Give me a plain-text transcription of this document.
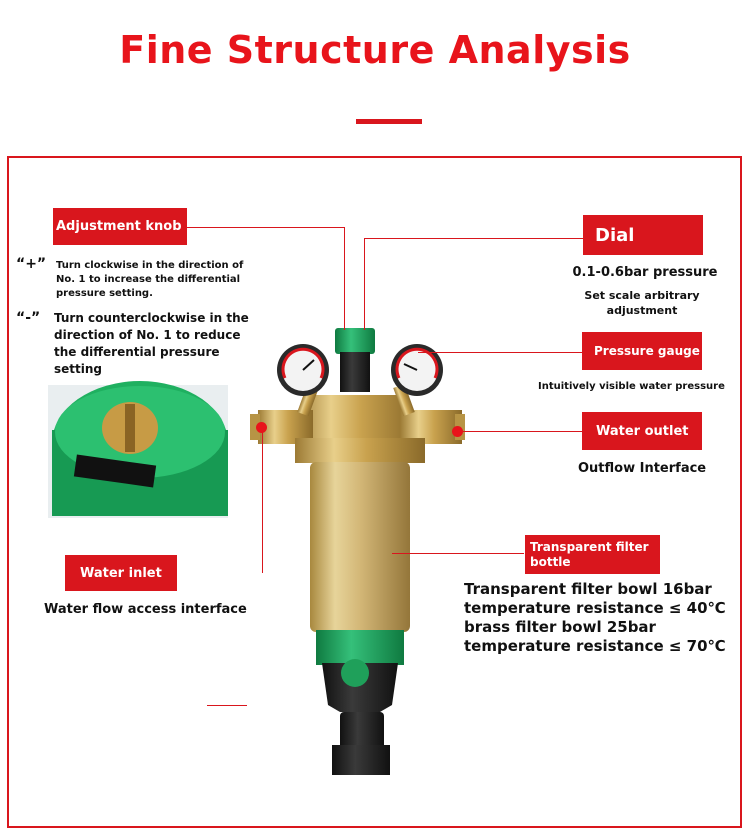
Fine Structure Analysis
Adjustment knob
“+” Turn clockwise in the direction of No. 1 to increase the differential pressure setting.
“-” Turn counterclockwise in the direction of No. 1 to reduce the differential pressure setting
Dial
0.1-0.6bar pressure
Set scale arbitrary adjustment
Pressure gauge
Intuitively visible water pressure
Water outlet
Outflow Interface
Water inlet
Water flow access interface
Transparent filter bottle
Transparent filter bowl 16bar
temperature resistance ≤ 40℃
brass filter bowl 25bar
temperature resistance ≤ 70℃
